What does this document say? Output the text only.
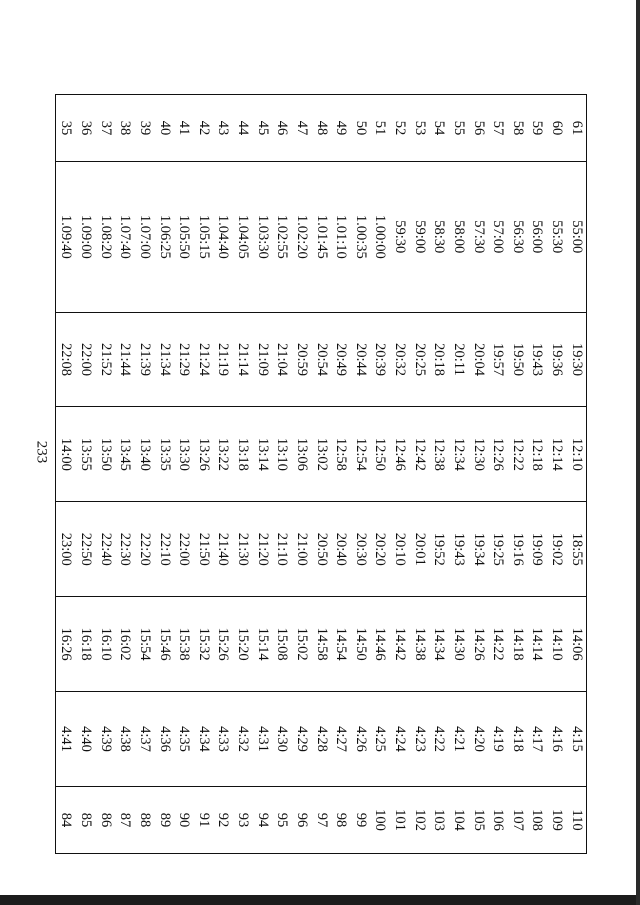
233
61	55:00	19:30	12:10	18:55	14:06	4:15	110
60	55:30	19:36	12:14	19:02	14:10	4:16	109
59	56:00	19:43	12:18	19:09	14:14	4:17	108
58	56:30	19:50	12:22	19:16	14:18	4:18	107
57	57:00	19:57	12:26	19:25	14:22	4:19	106
56	57:30	20:04	12:30	19:34	14:26	4:20	105
55	58:00	20:11	12:34	19:43	14:30	4:21	104
54	58:30	20:18	12:38	19:52	14:34	4:22	103
53	59:00	20:25	12:42	20:01	14:38	4:23	102
52	59:30	20:32	12:46	20:10	14:42	4:24	101
51	1.00:00	20:39	12:50	20:20	14:46	4:25	100
50	1.00:35	20:44	12:54	20:30	14:50	4:26	99
49	1.01:10	20:49	12:58	20:40	14:54	4:27	98
48	1.01:45	20:54	13:02	20:50	14:58	4:28	97
47	1.02:20	20:59	13:06	21:00	15:02	4:29	96
46	1.02:55	21:04	13:10	21:10	15:08	4:30	95
45	1.03:30	21:09	13:14	21:20	15:14	4:31	94
44	1.04:05	21:14	13:18	21:30	15:20	4:32	93
43	1.04:40	21:19	13:22	21:40	15:26	4:33	92
42	1.05:15	21:24	13:26	21:50	15:32	4:34	91
41	1.05:50	21:29	13:30	22:00	15:38	4:35	90
40	1.06:25	21:34	13:35	22:10	15:46	4:36	89
39	1.07:00	21:39	13:40	22:20	15:54	4:37	88
38	1.07:40	21:44	13:45	22:30	16:02	4:38	87
37	1.08:20	21:52	13:50	22:40	16:10	4:39	86
36	1.09:00	22:00	13:55	22:50	16:18	4:40	85
35	1.09:40	22:08	14:00	23:00	16:26	4:41	84
